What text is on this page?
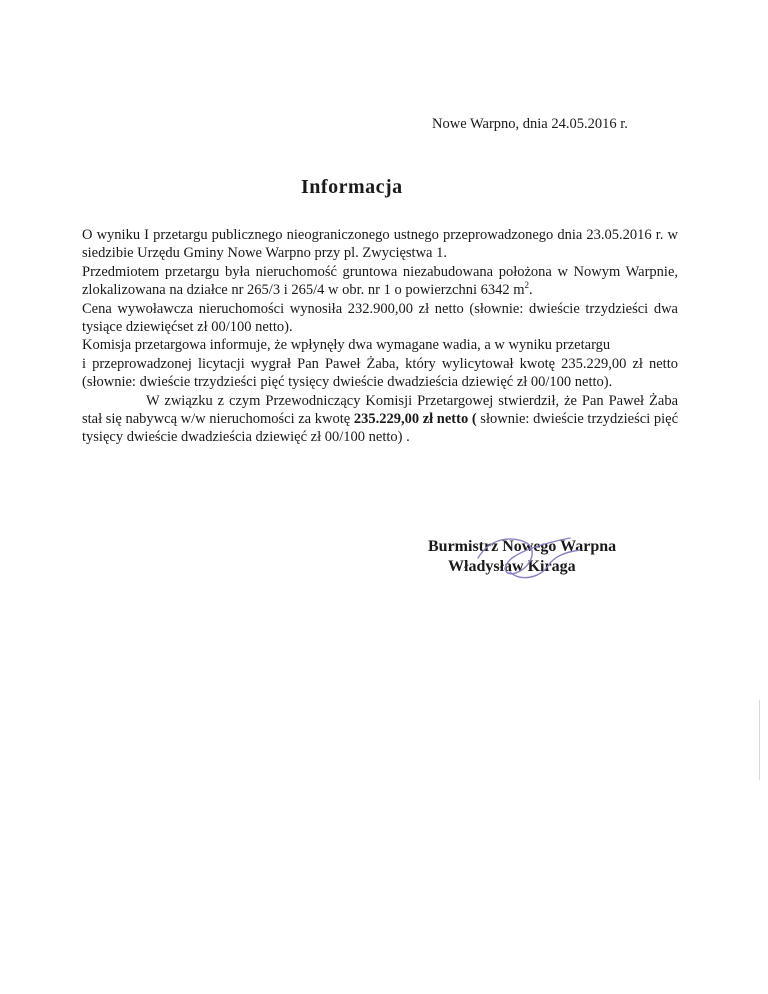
Nowe Warpno, dnia 24.05.2016 r.
Informacja

O wyniku I przetargu publicznego nieograniczonego ustnego przeprowadzonego dnia 23.05.2016 r. w siedzibie Urzędu Gminy Nowe Warpno przy pl. Zwycięstwa 1.

Przedmiotem przetargu była nieruchomość gruntowa niezabudowana położona w Nowym Warpnie, zlokalizowana na działce nr 265/3 i 265/4 w obr. nr 1 o powierzchni 6342 $m^2$.

Cena wywoławcza nieruchomości wynosiła 232.900,00 zł netto (słownie: dwieście trzydzieści dwa tysiące dziewięćset zł 00/100 netto).

Komisja przetargowa informuje, że wpłynęły dwa wymagane wadia, a w wyniku przetargu

i przeprowadzonej licytacji wygrał Pan Paweł Żaba, który wylicytował kwotę 235.229,00 zł netto (słownie: dwieście trzydzieści pięć tysięcy dwieście dwadzieścia dziewięć zł 00/100 netto).

W związku z czym Przewodniczący Komisji Przetargowej stwierdził, że Pan Paweł Żaba stał się nabywcą w/w nieruchomości za kwotę 235.229,00 zł netto ( słownie: dwieście trzydzieści pięć tysięcy dwieście dwadzieścia dziewięć zł 00/100 netto) .

Burmistrz Nowego Warpna
Władysław Kiraga
